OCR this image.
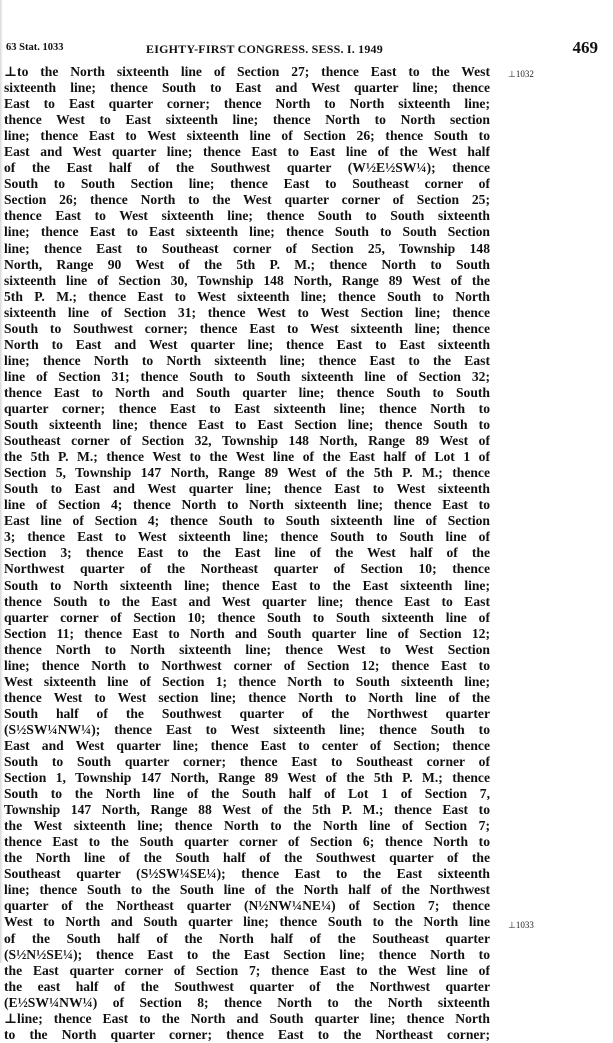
63 Stat. 1033	EIGHTY-FIRST CONGRESS. SESS. I. 1949	469
⊥1032
⊥1033
⊥to the North sixteenth line of Section 27; thence East to the West
sixteenth line; thence South to East and West quarter line; thence
East to East quarter corner; thence North to North sixteenth line;
thence West to East sixteenth line; thence North to North section
line; thence East to West sixteenth line of Section 26; thence South to
East and West quarter line; thence East to East line of the West half
of the East half of the Southwest quarter (W½E½SW¼); thence
South to South Section line; thence East to Southeast corner of
Section 26; thence North to the West quarter corner of Section 25;
thence East to West sixteenth line; thence South to South sixteenth
line; thence East to East sixteenth line; thence South to South Section
line; thence East to Southeast corner of Section 25, Township 148
North, Range 90 West of the 5th P. M.; thence North to South
sixteenth line of Section 30, Township 148 North, Range 89 West of the
5th P. M.; thence East to West sixteenth line; thence South to North
sixteenth line of Section 31; thence West to West Section line; thence
South to Southwest corner; thence East to West sixteenth line; thence
North to East and West quarter line; thence East to East sixteenth
line; thence North to North sixteenth line; thence East to the East
line of Section 31; thence South to South sixteenth line of Section 32;
thence East to North and South quarter line; thence South to South
quarter corner; thence East to East sixteenth line; thence North to
South sixteenth line; thence East to East Section line; thence South to
Southeast corner of Section 32, Township 148 North, Range 89 West of
the 5th P. M.; thence West to the West line of the East half of Lot 1 of
Section 5, Township 147 North, Range 89 West of the 5th P. M.; thence
South to East and West quarter line; thence East to West sixteenth
line of Section 4; thence North to North sixteenth line; thence East to
East line of Section 4; thence South to South sixteenth line of Section
3; thence East to West sixteenth line; thence South to South line of
Section 3; thence East to the East line of the West half of the
Northwest quarter of the Northeast quarter of Section 10; thence
South to North sixteenth line; thence East to the East sixteenth line;
thence South to the East and West quarter line; thence East to East
quarter corner of Section 10; thence South to South sixteenth line of
Section 11; thence East to North and South quarter line of Section 12;
thence North to North sixteenth line; thence West to West Section
line; thence North to Northwest corner of Section 12; thence East to
West sixteenth line of Section 1; thence North to South sixteenth line;
thence West to West section line; thence North to North line of the
South half of the Southwest quarter of the Northwest quarter
(S½SW¼NW¼); thence East to West sixteenth line; thence South to
East and West quarter line; thence East to center of Section; thence
South to South quarter corner; thence East to Southeast corner of
Section 1, Township 147 North, Range 89 West of the 5th P. M.; thence
South to the North line of the South half of Lot 1 of Section 7,
Township 147 North, Range 88 West of the 5th P. M.; thence East to
the West sixteenth line; thence North to the North line of Section 7;
thence East to the South quarter corner of Section 6; thence North to
the North line of the South half of the Southwest quarter of the
Southeast quarter (S½SW¼SE¼); thence East to the East sixteenth
line; thence South to the South line of the North half of the Northwest
quarter of the Northeast quarter (N½NW¼NE¼) of Section 7; thence
West to North and South quarter line; thence South to the North line
of the South half of the North half of the Southeast quarter
(S½N½SE¼); thence East to the East Section line; thence North to
the East quarter corner of Section 7; thence East to the West line of
the east half of the Southwest quarter of the Northwest quarter
(E½SW¼NW¼) of Section 8; thence North to the North sixteenth
⊥line; thence East to the North and South quarter line; thence North
to the North quarter corner; thence East to the Northeast corner;
